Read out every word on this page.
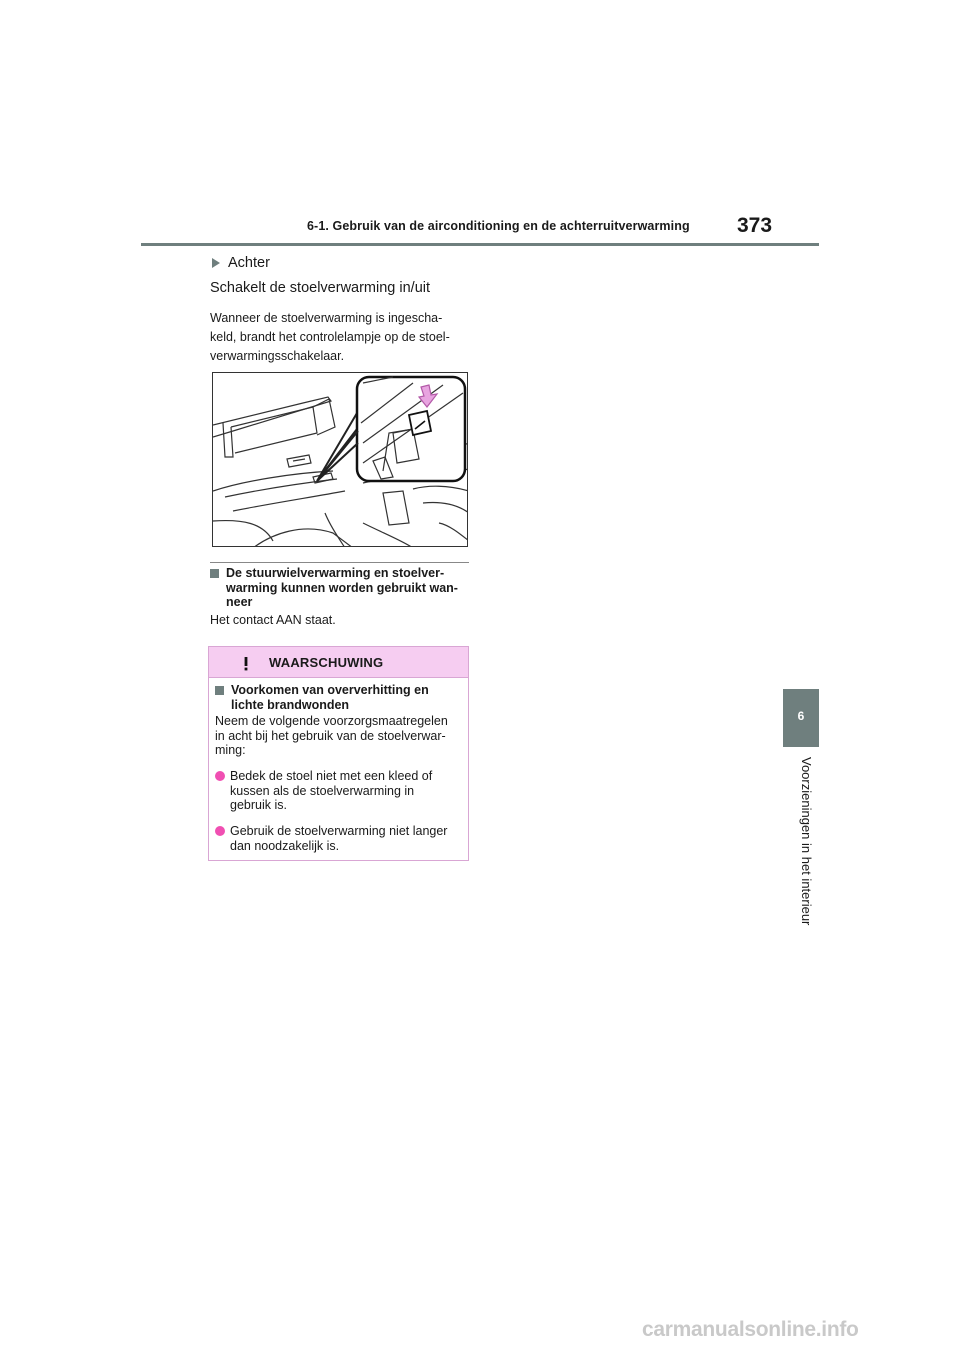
6-1. Gebruik van de airconditioning en de achterruitverwarming 373
6
Voorzieningen in het interieur
Achter
Schakelt de stoelverwarming in/uit
Wanneer de stoelverwarming is ingescha-
keld, brandt het controlelampje op de stoel-
verwarmingsschakelaar.
De stuurwielverwarming en stoelver-
warming kunnen worden gebruikt wan-
neer
Het contact AAN staat.
WAARSCHUWING
Voorkomen van oververhitting en
lichte brandwonden
Neem de volgende voorzorgsmaatregelen
in acht bij het gebruik van de stoelverwar-
ming:
Bedek de stoel niet met een kleed of
kussen als de stoelverwarming in
gebruik is.
Gebruik de stoelverwarming niet langer
dan noodzakelijk is.
carmanualsonline.info
